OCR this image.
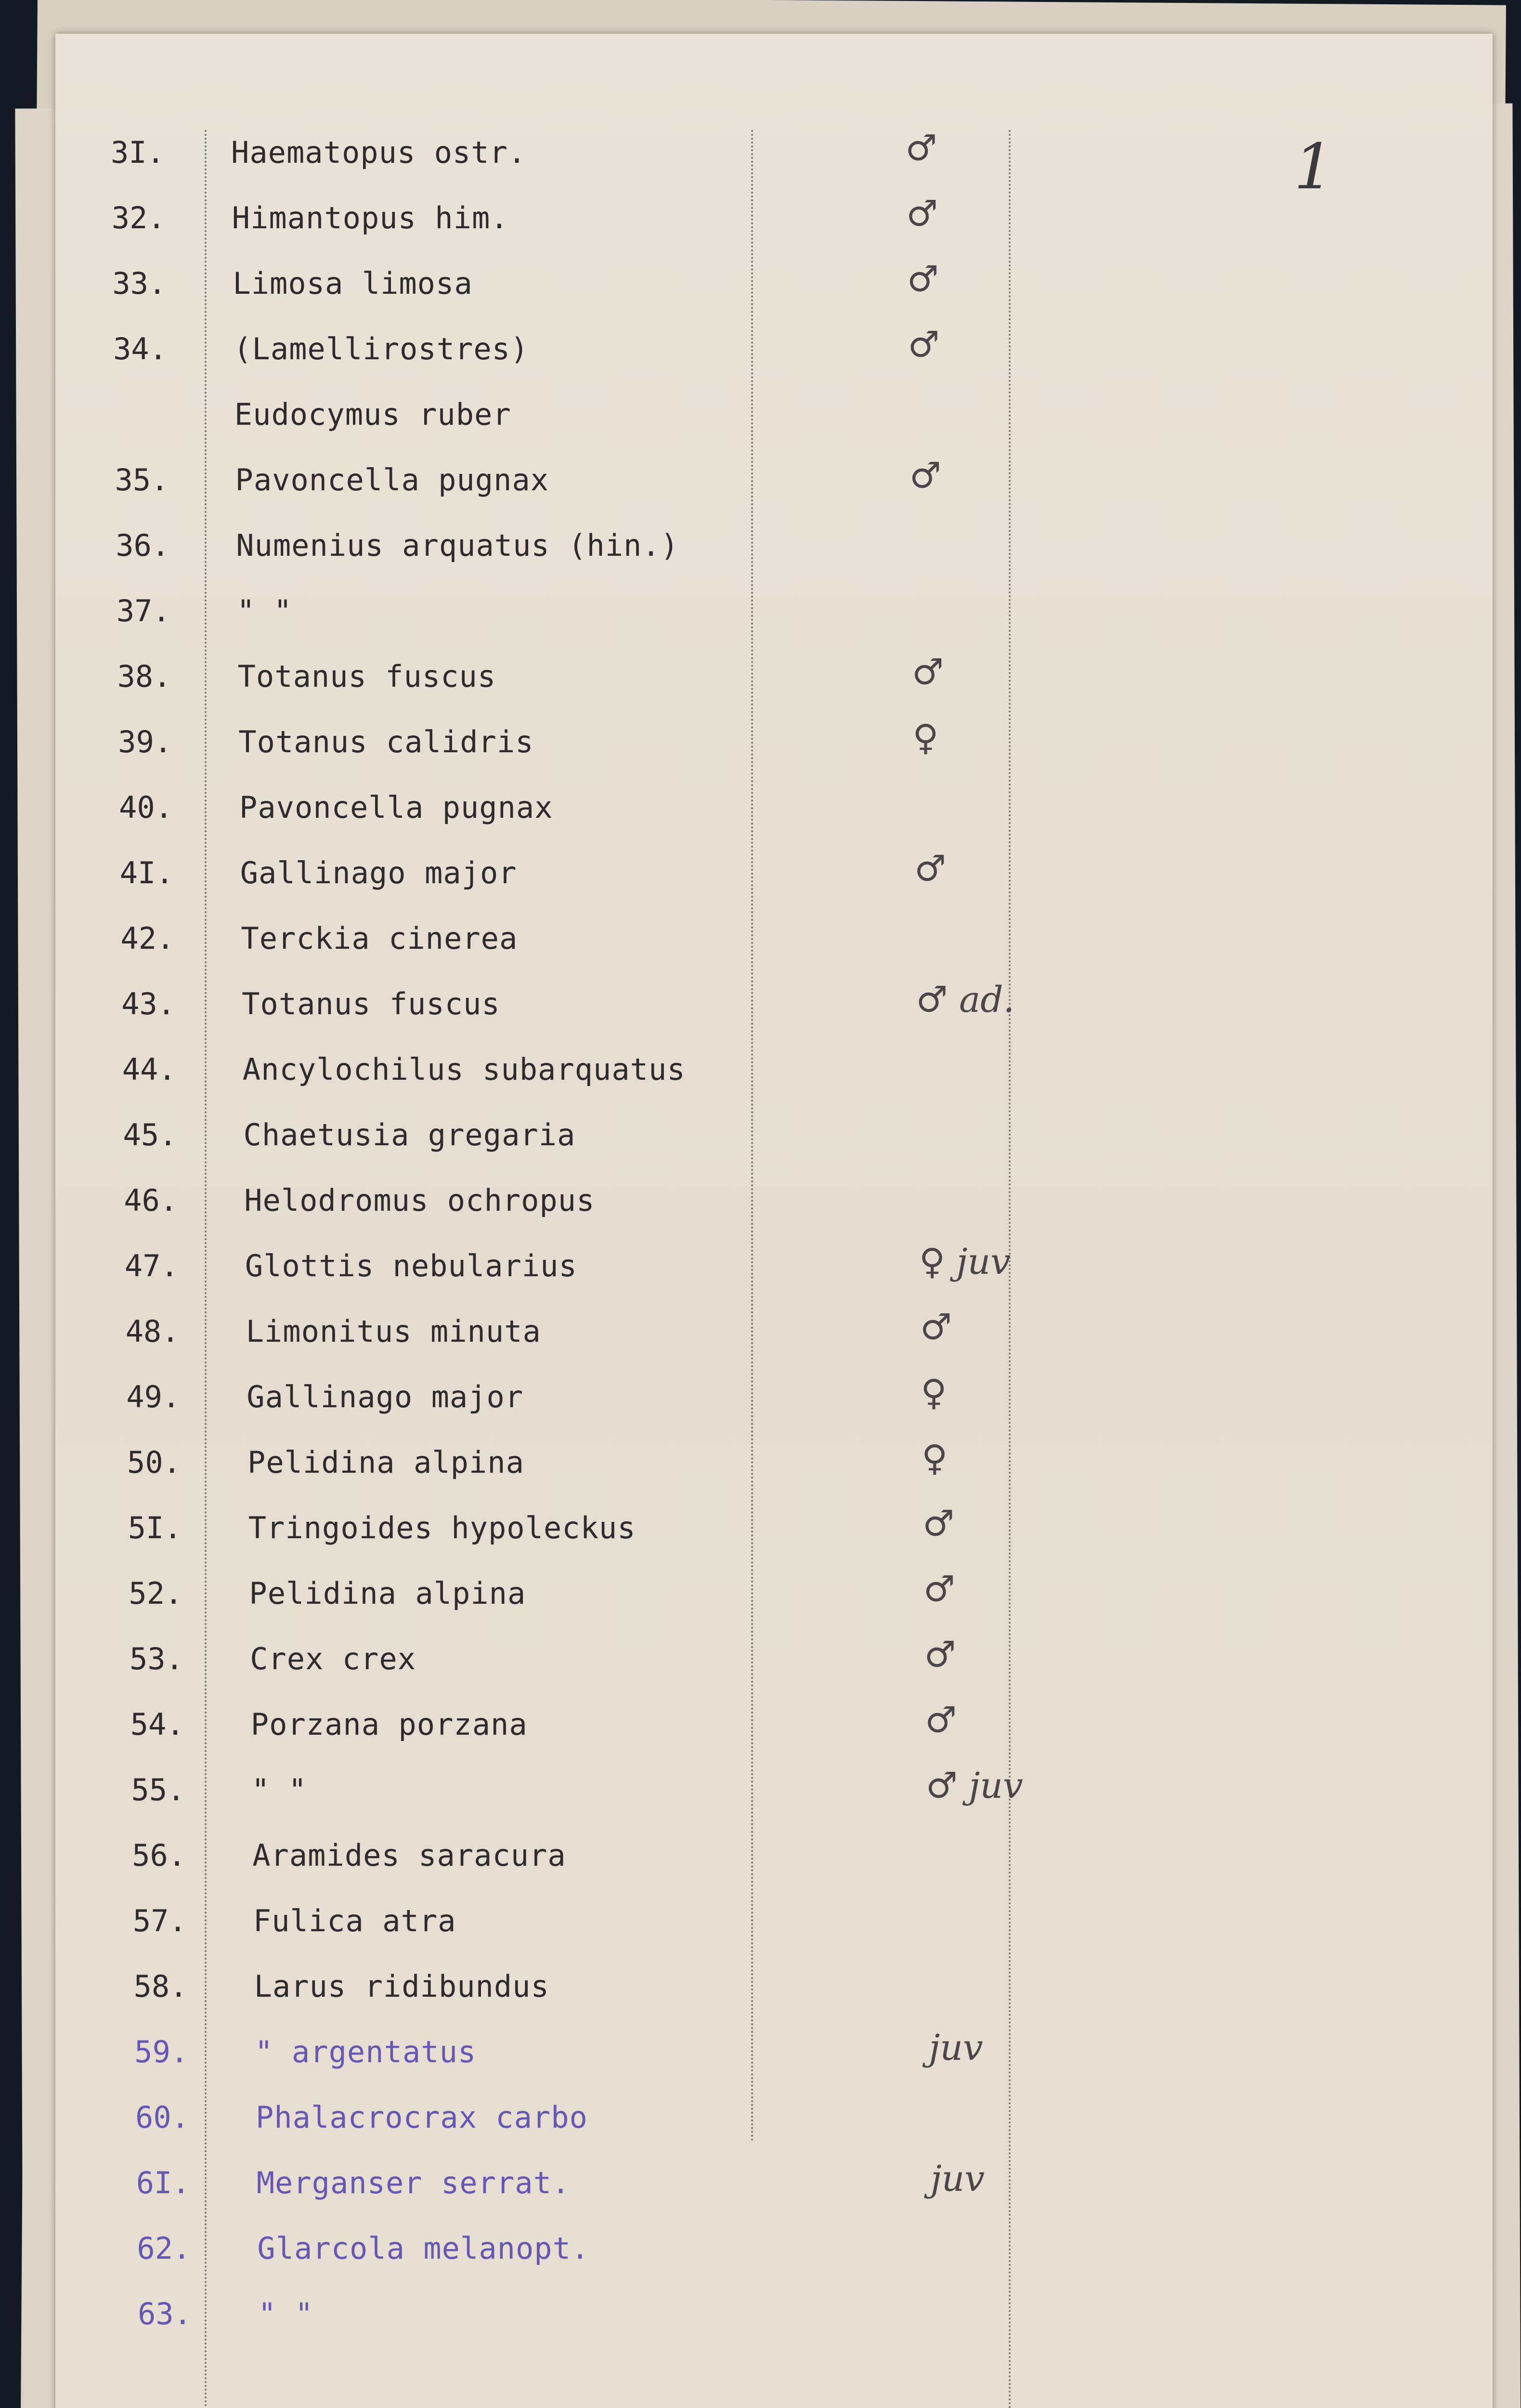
1
3I.	Haematopus ostr.	♂
32.	Himantopus him.	♂
33.	Limosa limosa	♂
34.	(Lamellirostres)	♂
Eudocymus ruber
35.	Pavoncella pugnax	♂
36.	Numenius arquatus (hin.)
37.	" "
38.	Totanus fuscus	♂
39.	Totanus calidris	♀
40.	Pavoncella pugnax
4I.	Gallinago major	♂
42.	Terckia cinerea
43.	Totanus fuscus	♂ ad.
44.	Ancylochilus subarquatus
45.	Chaetusia gregaria
46.	Helodromus ochropus
47.	Glottis nebularius	♀ juv
48.	Limonitus minuta	♂
49.	Gallinago major	♀
50.	Pelidina alpina	♀
5I.	Tringoides hypoleckus	♂
52.	Pelidina alpina	♂
53.	Crex crex	♂
54.	Porzana porzana	♂
55.	" "	♂ juv
56.	Aramides saracura
57.	Fulica atra
58.	Larus ridibundus
59.	" argentatus	juv
60.	Phalacrocrax carbo
6I.	Merganser serrat.	juv
62.	Glarcola melanopt.
63.	" "
